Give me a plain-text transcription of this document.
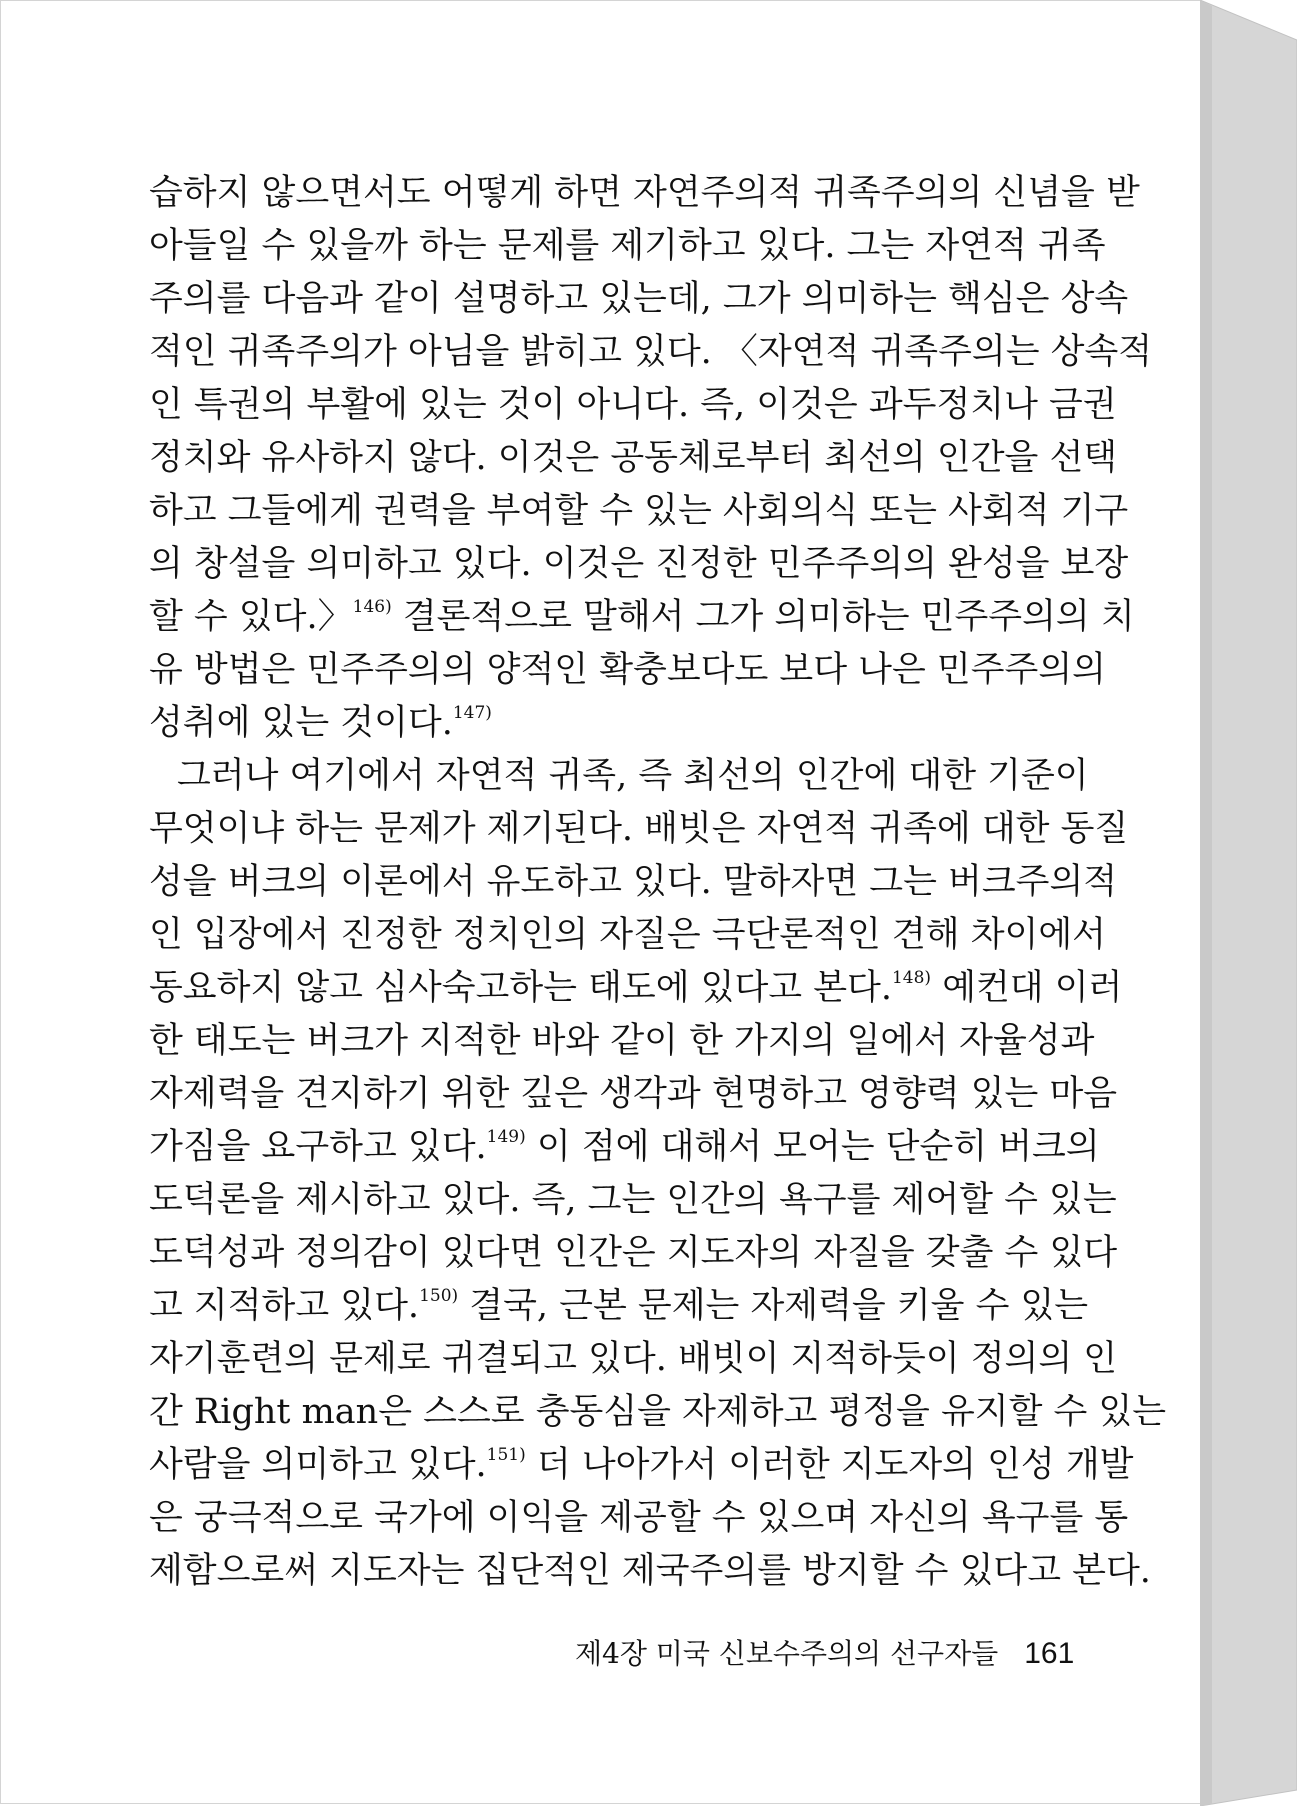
습하지 않으면서도 어떻게 하면 자연주의적 귀족주의의 신념을 받
아들일 수 있을까 하는 문제를 제기하고 있다. 그는 자연적 귀족
주의를 다음과 같이 설명하고 있는데, 그가 의미하는 핵심은 상속
적인 귀족주의가 아님을 밝히고 있다. 〈자연적 귀족주의는 상속적
인 특권의 부활에 있는 것이 아니다. 즉, 이것은 과두정치나 금권
정치와 유사하지 않다. 이것은 공동체로부터 최선의 인간을 선택
하고 그들에게 권력을 부여할 수 있는 사회의식 또는 사회적 기구
의 창설을 의미하고 있다. 이것은 진정한 민주주의의 완성을 보장
할 수 있다.〉$^{146)}$ 결론적으로 말해서 그가 의미하는 민주주의의 치
유 방법은 민주주의의 양적인 확충보다도 보다 나은 민주주의의
성취에 있는 것이다.$^{147)}$
그러나 여기에서 자연적 귀족, 즉 최선의 인간에 대한 기준이
무엇이냐 하는 문제가 제기된다. 배빗은 자연적 귀족에 대한 동질
성을 버크의 이론에서 유도하고 있다. 말하자면 그는 버크주의적
인 입장에서 진정한 정치인의 자질은 극단론적인 견해 차이에서
동요하지 않고 심사숙고하는 태도에 있다고 본다.$^{148)}$ 예컨대 이러
한 태도는 버크가 지적한 바와 같이 한 가지의 일에서 자율성과
자제력을 견지하기 위한 깊은 생각과 현명하고 영향력 있는 마음
가짐을 요구하고 있다.$^{149)}$ 이 점에 대해서 모어는 단순히 버크의
도덕론을 제시하고 있다. 즉, 그는 인간의 욕구를 제어할 수 있는
도덕성과 정의감이 있다면 인간은 지도자의 자질을 갖출 수 있다
고 지적하고 있다.$^{150)}$ 결국, 근본 문제는 자제력을 키울 수 있는
자기훈련의 문제로 귀결되고 있다. 배빗이 지적하듯이 정의의 인
간 Right man은 스스로 충동심을 자제하고 평정을 유지할 수 있는
사람을 의미하고 있다.$^{151)}$ 더 나아가서 이러한 지도자의 인성 개발
은 궁극적으로 국가에 이익을 제공할 수 있으며 자신의 욕구를 통
제함으로써 지도자는 집단적인 제국주의를 방지할 수 있다고 본다.
제4장 미국 신보수주의의 선구자들 161
